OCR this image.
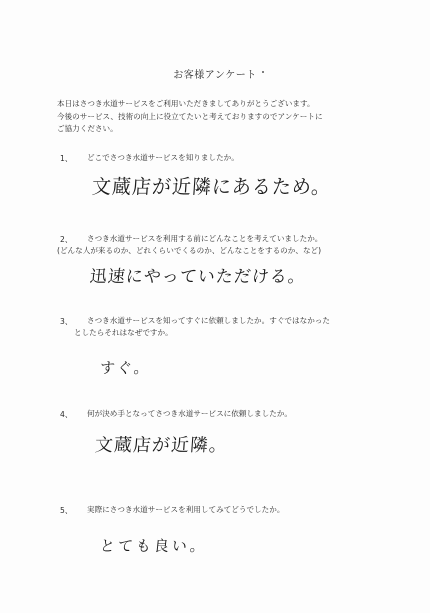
お客様アンケート
本日はさつき水道サービスをご利用いただきましてありがとうございます。
今後のサービス、技術の向上に役立てたいと考えておりますのでアンケートに
ご協力ください。
1、 どこでさつき水道サービスを知りましたか。
文蔵店が近隣にあるため。
2、 さつき水道サービスを利用する前にどんなことを考えていましたか。
(どんな人が来るのか、どれくらいでくるのか、どんなことをするのか、など)
迅速にやっていただける。
3、 さつき水道サービスを知ってすぐに依頼しましたか。すぐではなかった
としたらそれはなぜですか。
すぐ。
4、 何が決め手となってさつき水道サービスに依頼しましたか。
文蔵店が近隣。
5、 実際にさつき水道サービスを利用してみてどうでしたか。
とても良い。
